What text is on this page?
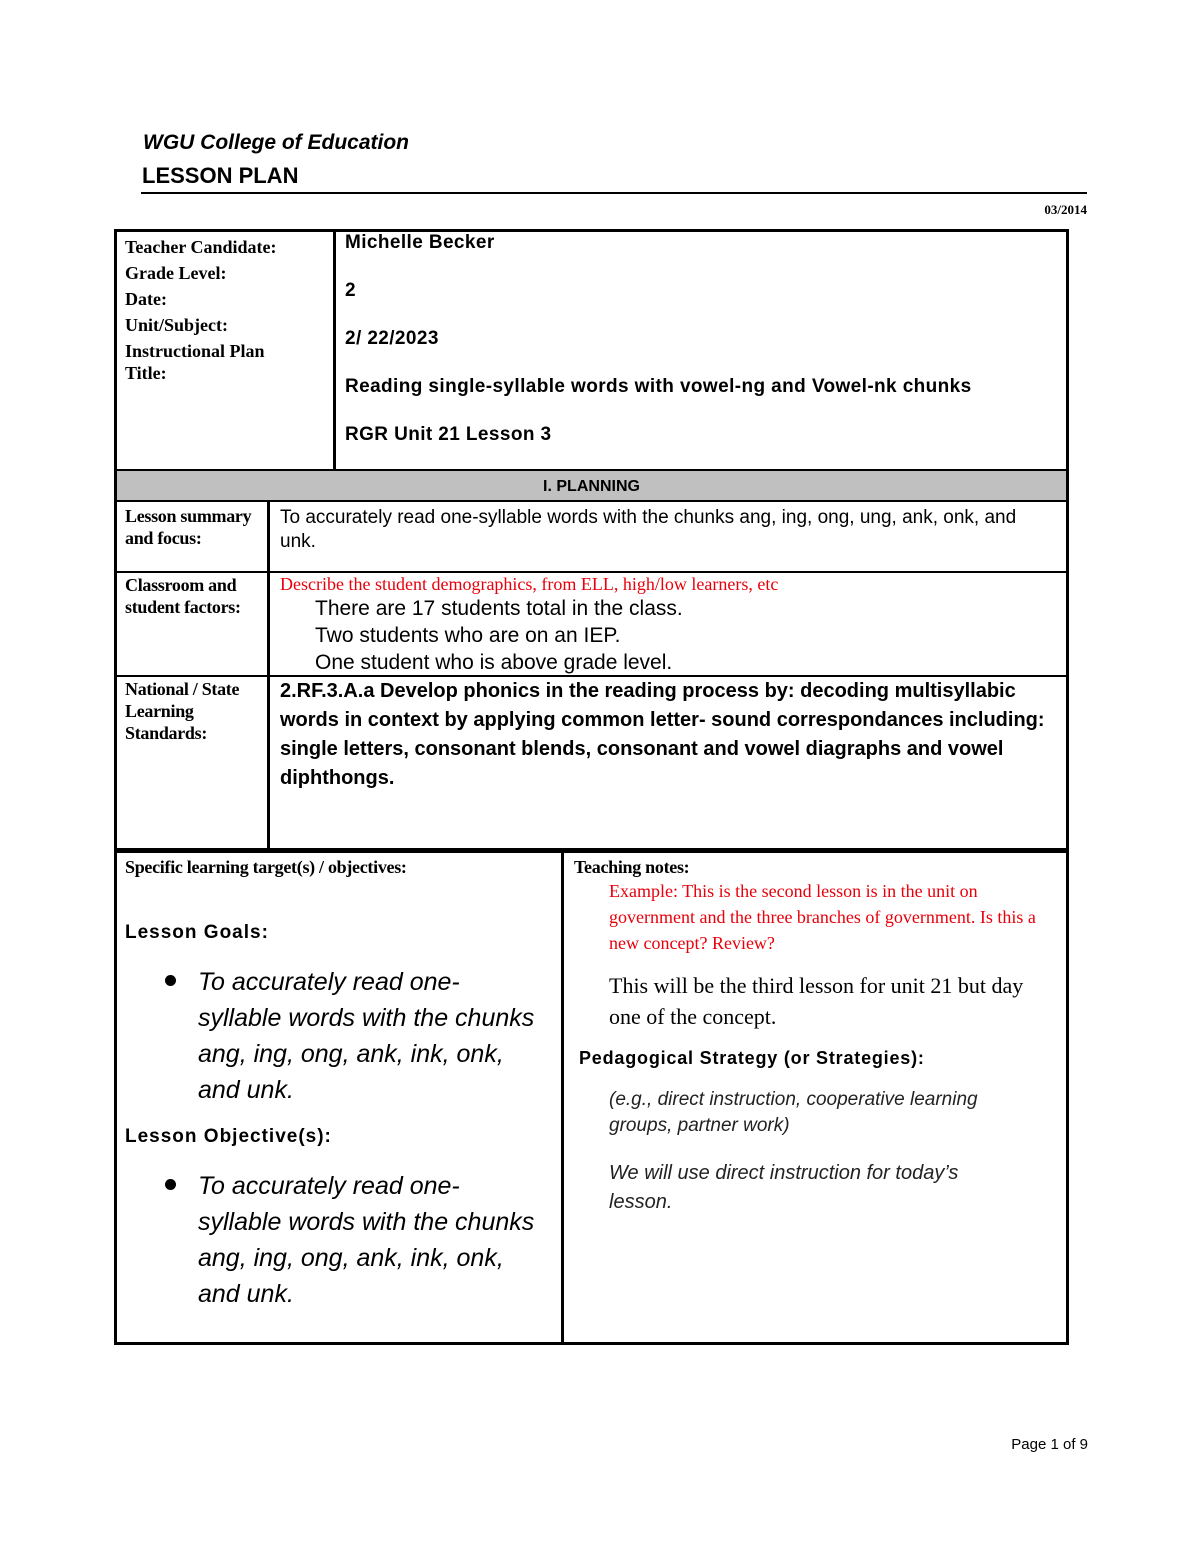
WGU College of Education
LESSON PLAN
03/2014
Teacher Candidate:
Grade Level:
Date:
Unit/Subject:
Instructional Plan
Title:
Michelle Becker
2
2/ 22/2023
Reading single-syllable words with vowel-ng and Vowel-nk chunks
RGR Unit 21 Lesson 3
I. PLANNING
Lesson summary and focus:
To accurately read one-syllable words with the chunks ang, ing, ong, ung, ank, onk, and unk.
Classroom and student factors:
Describe the student demographics, from ELL, high/low learners, etc
There are 17 students total in the class.
Two students who are on an IEP.
One student who is above grade level.
National / State Learning Standards:
2.RF.3.A.a Develop phonics in the reading process by: decoding multisyllabic words in context by applying common letter- sound correspondances including: single letters, consonant blends, consonant and vowel diagraphs and vowel diphthongs.
Specific learning target(s) / objectives:
Lesson Goals:
To accurately read one-syllable words with the chunks ang, ing, ong, ank, ink, onk, and unk.
Lesson Objective(s):
To accurately read one-syllable words with the chunks ang, ing, ong, ank, ink, onk, and unk.
Teaching notes:
Example: This is the second lesson is in the unit on government and the three branches of government. Is this a new concept? Review?
This will be the third lesson for unit 21 but day one of the concept.
Pedagogical Strategy (or Strategies):
(e.g., direct instruction, cooperative learning groups, partner work)
We will use direct instruction for today’s lesson.
Page 1 of 9
